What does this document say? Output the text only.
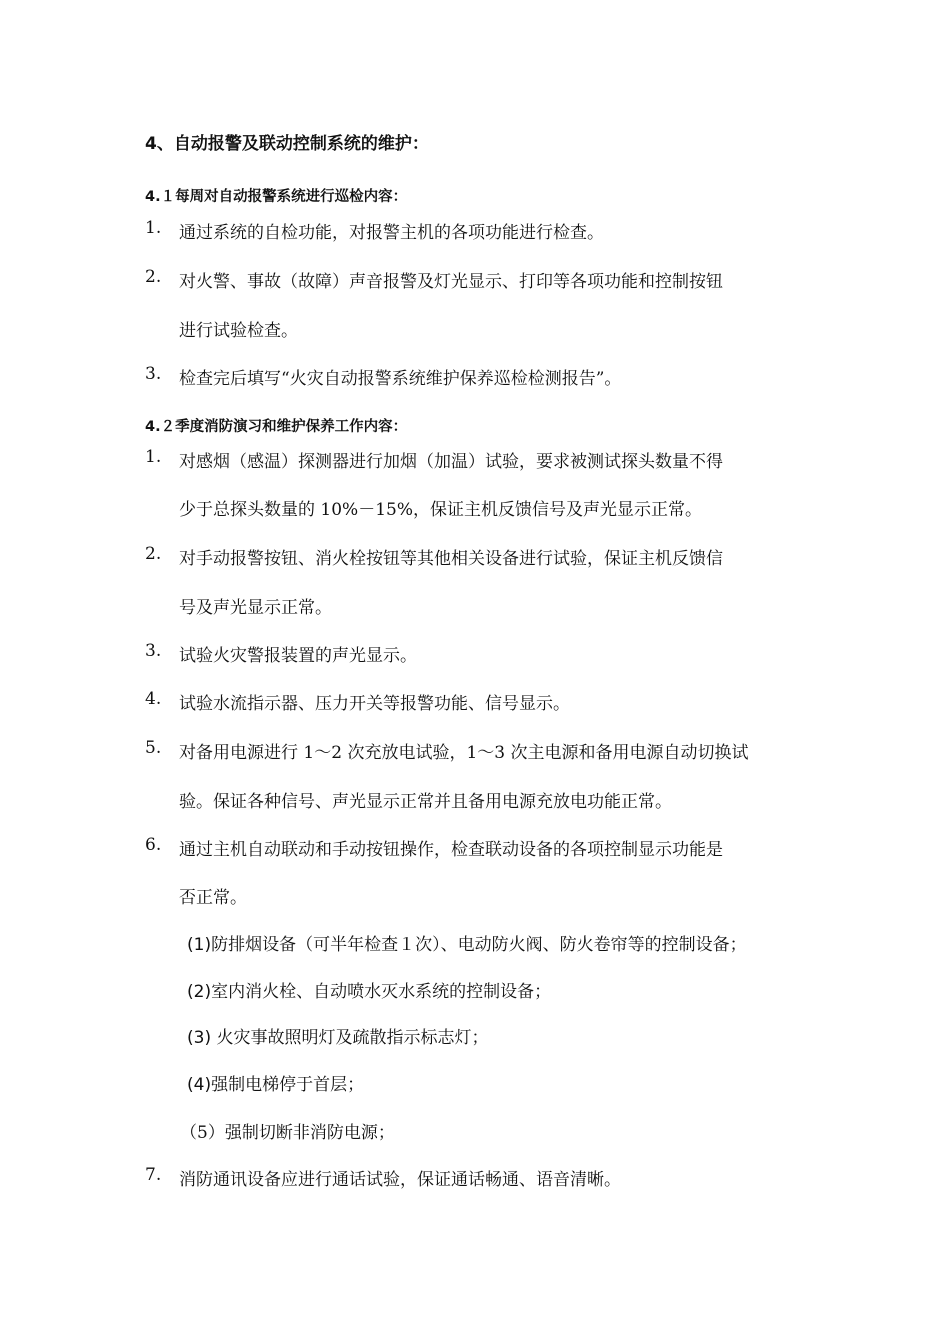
4、自动报警及联动控制系统的维护：
4.１每周对自动报警系统进行巡检内容：
1. 通过系统的自检功能，对报警主机的各项功能进行检查。
2. 对火警、事故（故障）声音报警及灯光显示、打印等各项功能和控制按钮
进行试验检查。
3. 检查完后填写“火灾自动报警系统维护保养巡检检测报告”。
4.２季度消防演习和维护保养工作内容：
1. 对感烟（感温）探测器进行加烟（加温）试验，要求被测试探头数量不得
少于总探头数量的 10%－15%，保证主机反馈信号及声光显示正常。
2. 对手动报警按钮、消火栓按钮等其他相关设备进行试验，保证主机反馈信
号及声光显示正常。
3. 试验火灾警报装置的声光显示。
4. 试验水流指示器、压力开关等报警功能、信号显示。
5. 对备用电源进行 1～2 次充放电试验，1～3 次主电源和备用电源自动切换试
验。保证各种信号、声光显示正常并且备用电源充放电功能正常。
6. 通过主机自动联动和手动按钮操作，检查联动设备的各项控制显示功能是
否正常。
(1)防排烟设备（可半年检查１次）、电动防火阀、防火卷帘等的控制设备；
(2)室内消火栓、自动喷水灭水系统的控制设备；
(3) 火灾事故照明灯及疏散指示标志灯；
(4)强制电梯停于首层；
（5）强制切断非消防电源；
7. 消防通讯设备应进行通话试验，保证通话畅通、语音清晰。
